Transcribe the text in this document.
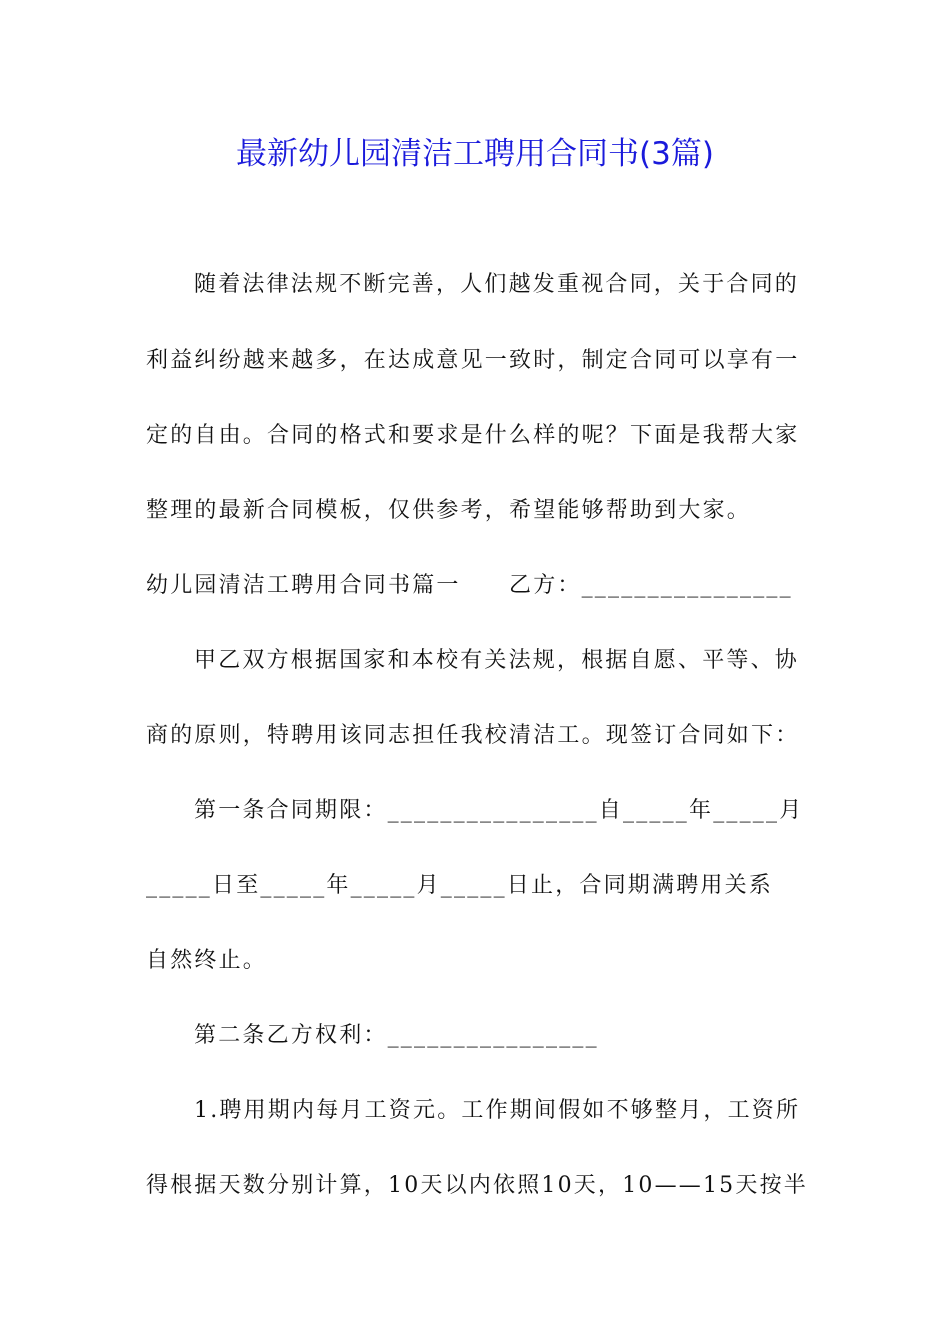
最新幼儿园清洁工聘用合同书(3篇)
随着法律法规不断完善，人们越发重视合同，关于合同的
利益纠纷越来越多，在达成意见一致时，制定合同可以享有一
定的自由。合同的格式和要求是什么样的呢？下面是我帮大家
整理的最新合同模板，仅供参考，希望能够帮助到大家。
幼儿园清洁工聘用合同书篇一　　乙方：________________
甲乙双方根据国家和本校有关法规，根据自愿、平等、协
商的原则，特聘用该同志担任我校清洁工。现签订合同如下：
第一条合同期限：________________自_____年_____月
_____日至_____年_____月_____日止，合同期满聘用关系
自然终止。
第二条乙方权利：________________
1.聘用期内每月工资元。工作期间假如不够整月，工资所
得根据天数分别计算，10天以内依照10天，10——15天按半
